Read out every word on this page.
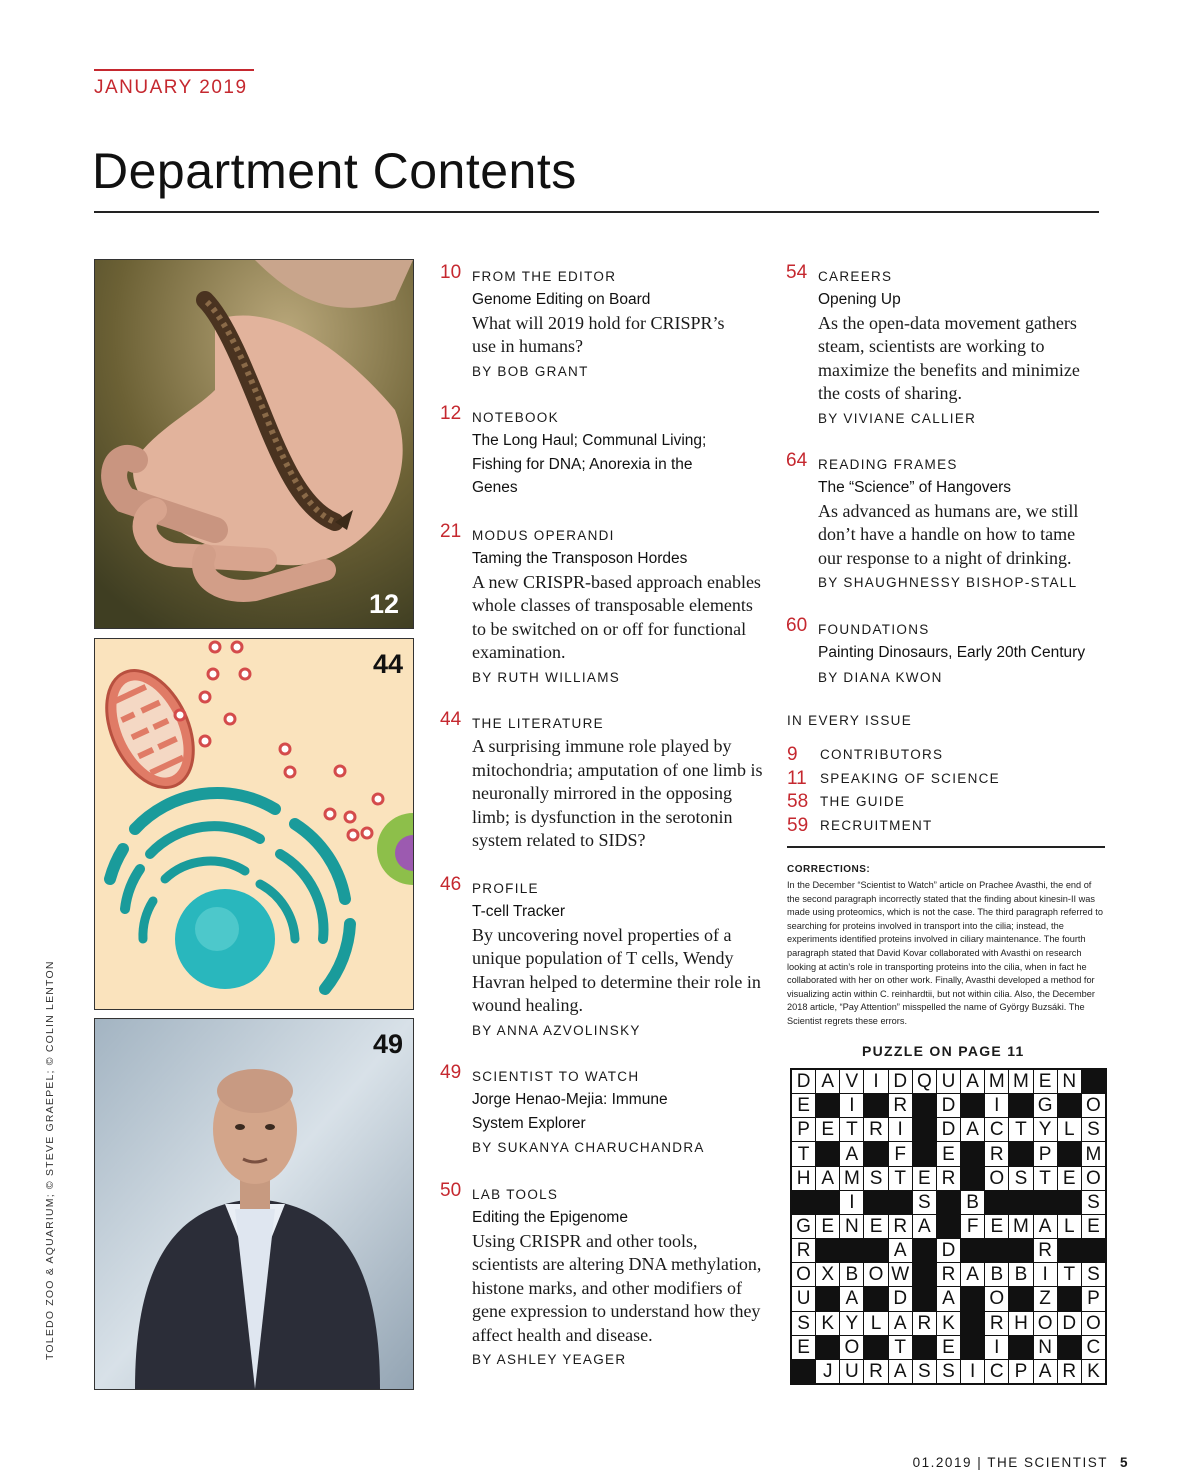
JANUARY 2019
Department Contents
12
44
49
TOLEDO ZOO & AQUARIUM; © STEVE GRAEPEL; © COLIN LENTON
10 FROM THE EDITOR
Genome Editing on Board
What will 2019 hold for CRISPR’s use in humans?
BY BOB GRANT
12 NOTEBOOK
The Long Haul; Communal Living; Fishing for DNA; Anorexia in the Genes
21 MODUS OPERANDI
Taming the Transposon Hordes
A new CRISPR-based approach enables whole classes of transposable elements to be switched on or off for functional examination.
BY RUTH WILLIAMS
44 THE LITERATURE
A surprising immune role played by mitochondria; amputation of one limb is neuronally mirrored in the opposing limb; is dysfunction in the serotonin system related to SIDS?
46 PROFILE
T-cell Tracker
By uncovering novel properties of a unique population of T cells, Wendy Havran helped to determine their role in wound healing.
BY ANNA AZVOLINSKY
49 SCIENTIST TO WATCH
Jorge Henao-Mejia: Immune System Explorer
BY SUKANYA CHARUCHANDRA
50 LAB TOOLS
Editing the Epigenome
Using CRISPR and other tools, scientists are altering DNA methylation, histone marks, and other modifiers of gene expression to understand how they affect health and disease.
BY ASHLEY YEAGER
54 CAREERS
Opening Up
As the open-data movement gathers steam, scientists are working to maximize the benefits and minimize the costs of sharing.
BY VIVIANE CALLIER
64 READING FRAMES
The “Science” of Hangovers
As advanced as humans are, we still don’t have a handle on how to tame our response to a night of drinking.
BY SHAUGHNESSY BISHOP-STALL
60 FOUNDATIONS
Painting Dinosaurs, Early 20th Century
BY DIANA KWON
IN EVERY ISSUE
9 CONTRIBUTORS
11 SPEAKING OF SCIENCE
58 THE GUIDE
59 RECRUITMENT
CORRECTIONS:
In the December “Scientist to Watch” article on Prachee Avasthi, the end of the second paragraph incorrectly stated that the finding about kinesin-II was made using proteomics, which is not the case. The third paragraph referred to searching for proteins involved in transport into the cilia; instead, the experiments identified proteins involved in ciliary maintenance. The fourth paragraph stated that David Kovar collaborated with Avasthi on research looking at actin’s role in transporting proteins into the cilia, when in fact he collaborated with her on other work. Finally, Avasthi developed a method for visualizing actin within C. reinhardtii, but not within cilia. Also, the December 2018 article, “Pay Attention” misspelled the name of György Buzsáki. The Scientist regrets these errors.
PUZZLE ON PAGE 11
D A V I D Q U A M M E N
E	I	R D	I	G O
P E T R I	D A C T Y L S
T	A	F	E R P M
H A M S T E R O S T E O
I	S B	S
G E N E R A	F E M A L E
R	A D	R
O X B O W R A B B I T S
U A D A O	Z	P
S K Y L A R K R H O D O
E O	T	E	I	N C
J U R A S S I C P A R K
01.2019 | THE SCIENTIST 5
